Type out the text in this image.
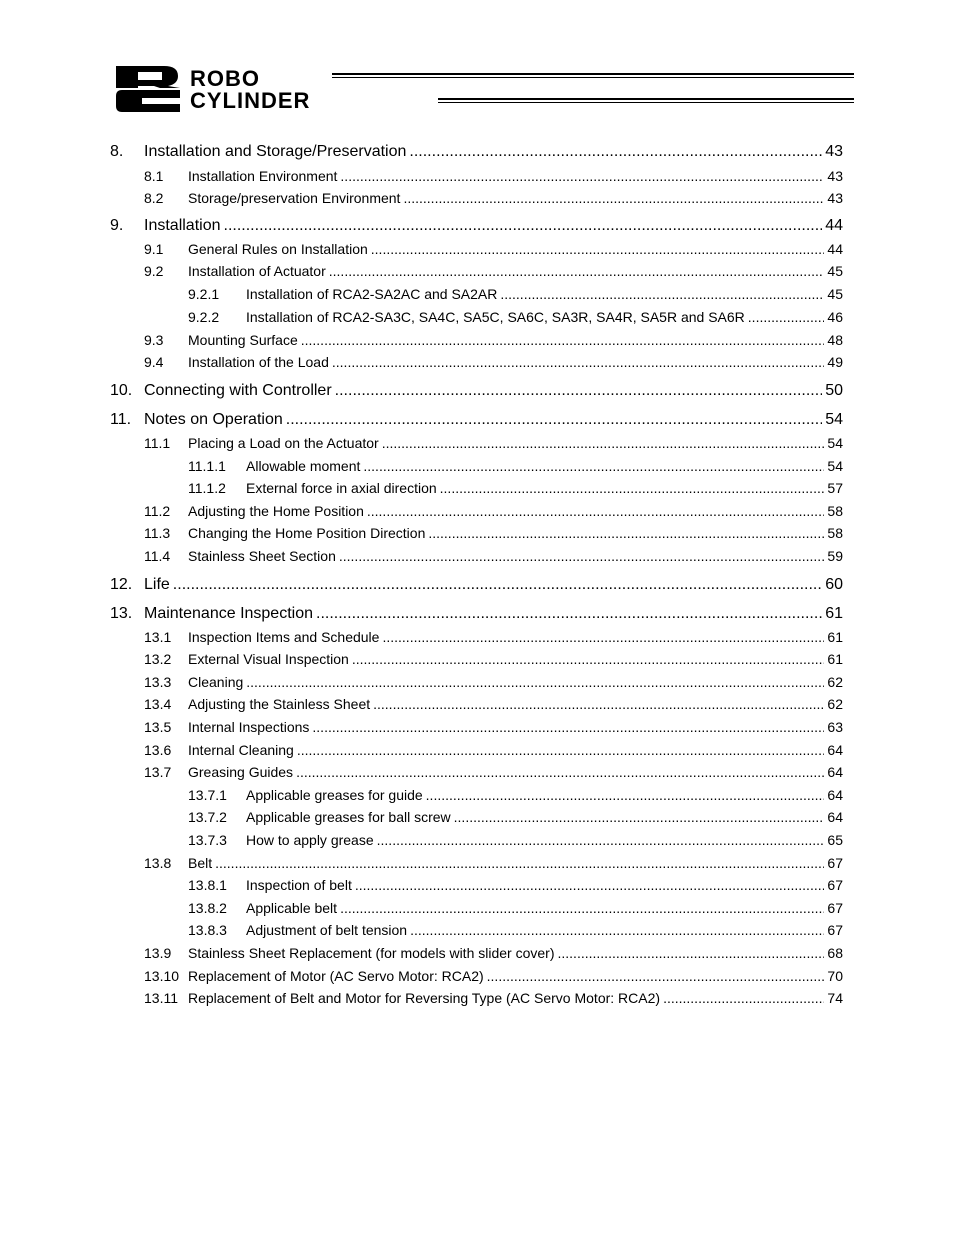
ROBO
CYLINDER
8.	Installation and Storage/Preservation .....	43
8.1	Installation Environment .....	43
8.2	Storage/preservation Environment .....	43
9.	Installation .....	44
9.1	General Rules on Installation .....	44
9.2	Installation of Actuator .....	45
9.2.1	Installation of RCA2-SA2AC and SA2AR .....	45
9.2.2	Installation of RCA2-SA3C, SA4C, SA5C, SA6C, SA3R, SA4R, SA5R and SA6R .....	46
9.3	Mounting Surface .....	48
9.4	Installation of the Load .....	49
10. Connecting with Controller .....	50
11. Notes on Operation .....	54
11.1	Placing a Load on the Actuator .....	54
11.1.1	Allowable moment .....	54
11.1.2	External force in axial direction .....	57
11.2	Adjusting the Home Position .....	58
11.3	Changing the Home Position Direction .....	58
11.4	Stainless Sheet Section .....	59
12. Life .....	60
13. Maintenance Inspection .....	61
13.1	Inspection Items and Schedule .....	61
13.2	External Visual Inspection .....	61
13.3	Cleaning .....	62
13.4	Adjusting the Stainless Sheet .....	62
13.5	Internal Inspections .....	63
13.6	Internal Cleaning .....	64
13.7	Greasing Guides .....	64
13.7.1	Applicable greases for guide .....	64
13.7.2	Applicable greases for ball screw .....	64
13.7.3	How to apply grease .....	65
13.8	Belt .....	67
13.8.1	Inspection of belt .....	67
13.8.2	Applicable belt .....	67
13.8.3	Adjustment of belt tension .....	67
13.9	Stainless Sheet Replacement (for models with slider cover) .....	68
13.10 Replacement of Motor (AC Servo Motor: RCA2) .....	70
13.11 Replacement of Belt and Motor for Reversing Type (AC Servo Motor: RCA2) .....	74
